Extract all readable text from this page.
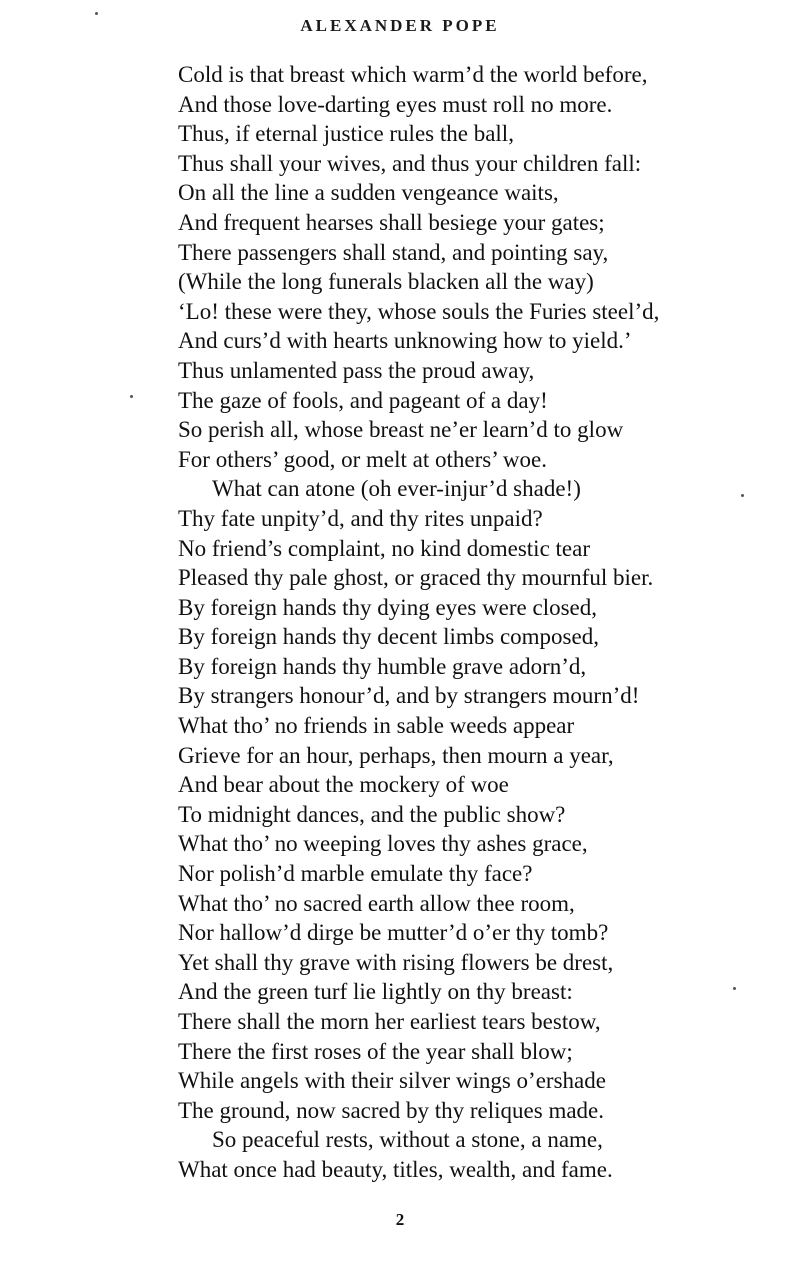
ALEXANDER POPE
Cold is that breast which warm’d the world before,
And those love-darting eyes must roll no more.
Thus, if eternal justice rules the ball,
Thus shall your wives, and thus your children fall:
On all the line a sudden vengeance waits,
And frequent hearses shall besiege your gates;
There passengers shall stand, and pointing say,
(While the long funerals blacken all the way)
‘Lo! these were they, whose souls the Furies steel’d,
And curs’d with hearts unknowing how to yield.’
Thus unlamented pass the proud away,
The gaze of fools, and pageant of a day!
So perish all, whose breast ne’er learn’d to glow
For others’ good, or melt at others’ woe.
What can atone (oh ever-injur’d shade!)
Thy fate unpity’d, and thy rites unpaid?
No friend’s complaint, no kind domestic tear
Pleased thy pale ghost, or graced thy mournful bier.
By foreign hands thy dying eyes were closed,
By foreign hands thy decent limbs composed,
By foreign hands thy humble grave adorn’d,
By strangers honour’d, and by strangers mourn’d!
What tho’ no friends in sable weeds appear
Grieve for an hour, perhaps, then mourn a year,
And bear about the mockery of woe
To midnight dances, and the public show?
What tho’ no weeping loves thy ashes grace,
Nor polish’d marble emulate thy face?
What tho’ no sacred earth allow thee room,
Nor hallow’d dirge be mutter’d o’er thy tomb?
Yet shall thy grave with rising flowers be drest,
And the green turf lie lightly on thy breast:
There shall the morn her earliest tears bestow,
There the first roses of the year shall blow;
While angels with their silver wings o’ershade
The ground, now sacred by thy reliques made.
So peaceful rests, without a stone, a name,
What once had beauty, titles, wealth, and fame.
2
